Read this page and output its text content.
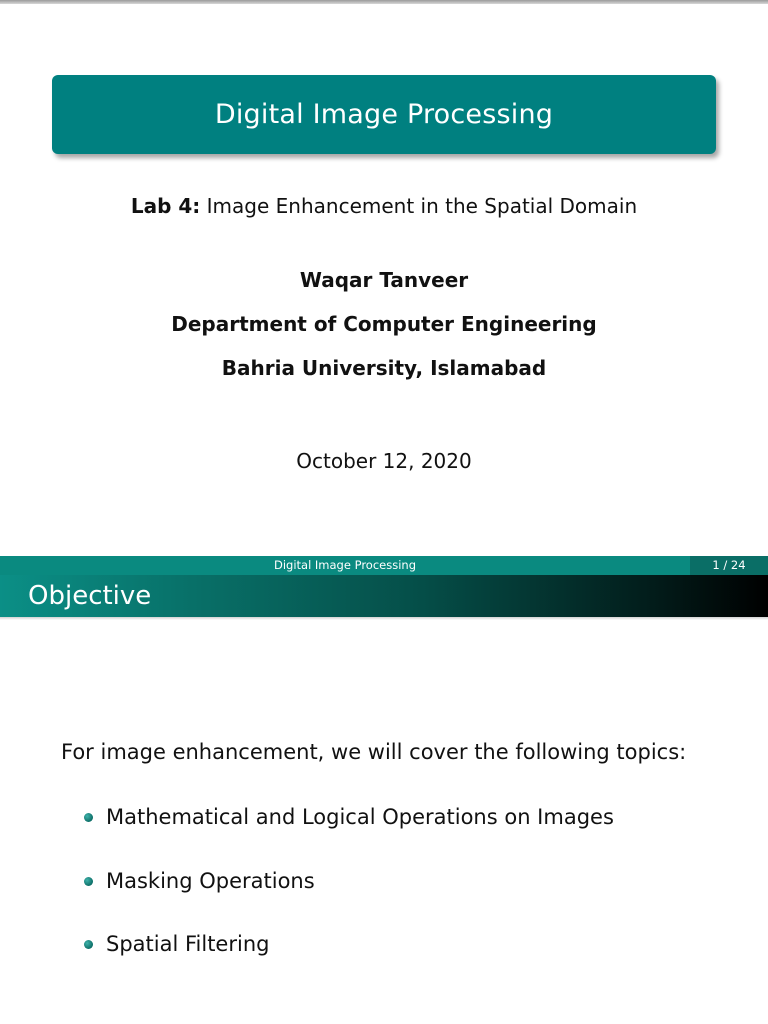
Digital Image Processing
Lab 4: Image Enhancement in the Spatial Domain
Waqar Tanveer
Department of Computer Engineering
Bahria University, Islamabad
October 12, 2020
Digital Image Processing	1 / 24
Objective
For image enhancement, we will cover the following topics:
Mathematical and Logical Operations on Images
Masking Operations
Spatial Filtering
